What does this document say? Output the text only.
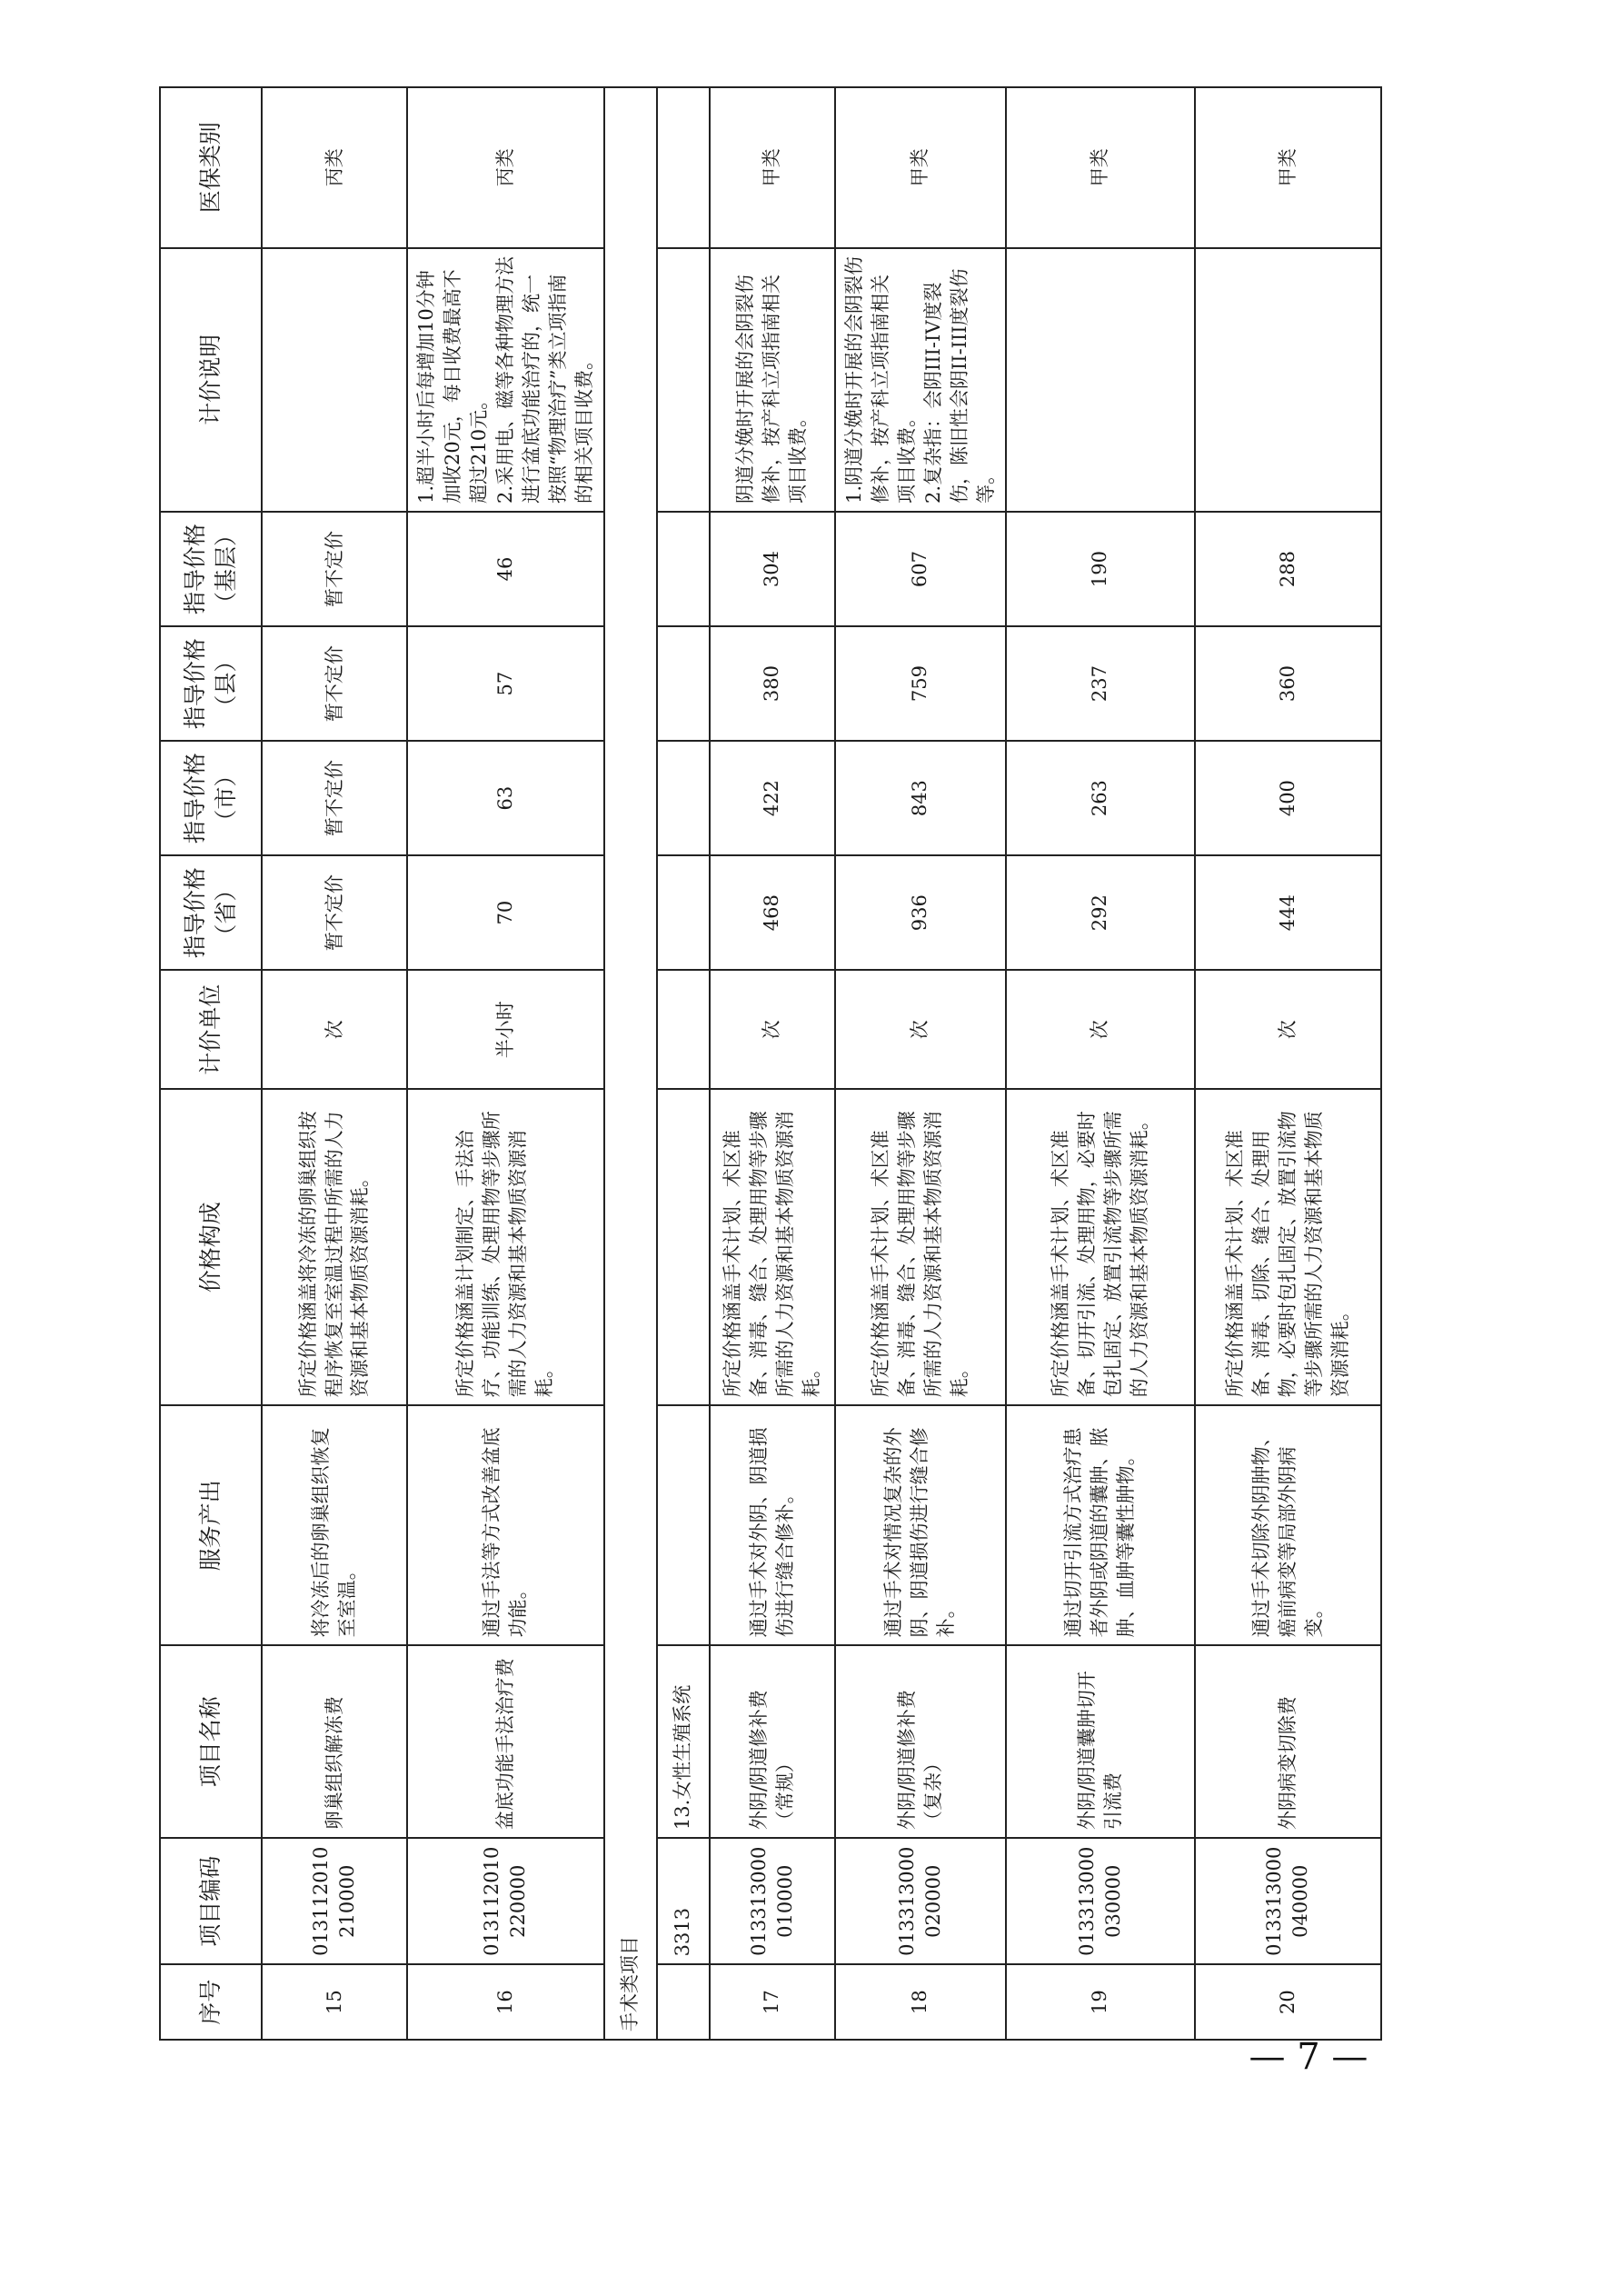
序号	项目编码	项目名称	服务产出	价格构成	计价单位	指导价格（省）	指导价格（市）	指导价格（县）	指导价格（基层）	计价说明	医保类别
15	013112010210000	卵巢组织解冻费	将冷冻后的卵巢组织恢复至室温。	所定价格涵盖将冷冻的卵巢组织按程序恢复至室温过程中所需的人力资源和基本物质资源消耗。	次	暂不定价	暂不定价	暂不定价	暂不定价		丙类
16	013112010220000	盆底功能手法治疗费	通过手法等方式改善盆底功能。	所定价格涵盖计划制定、手法治疗、功能训练、处理用物等步骤所需的人力资源和基本物质资源消耗。	半小时	70	63	57	46	1.超半小时后每增加10分钟加收20元，每日收费最高不超过210元。 2.采用电、磁等各种物理方法进行盆底功能治疗的，统一按照“物理治疗”类立项指南的相关项目收费。	丙类
手术类项目											
	3313	13.女性生殖系统									
17	013313000010000	外阴/阴道修补费（常规）	通过手术对外阴、阴道损伤进行缝合修补。	所定价格涵盖手术计划、术区准备、消毒、缝合、处理用物等步骤所需的人力资源和基本物质资源消耗。	次	468	422	380	304	阴道分娩时开展的会阴裂伤修补，按产科立项指南相关项目收费。	甲类
18	013313000020000	外阴/阴道修补费（复杂）	通过手术对情况复杂的外阴、阴道损伤进行缝合修补。	所定价格涵盖手术计划、术区准备、消毒、缝合、处理用物等步骤所需的人力资源和基本物质资源消耗。	次	936	843	759	607	1.阴道分娩时开展的会阴裂伤修补，按产科立项指南相关项目收费。 2.复杂指：会阴III-IV度裂伤，陈旧性会阴II-III度裂伤等。	甲类
19	013313000030000	外阴/阴道囊肿切开引流费	通过切开引流方式治疗患者外阴或阴道的囊肿、脓肿、血肿等囊性肿物。	所定价格涵盖手术计划、术区准备、切开引流、处理用物，必要时包扎固定、放置引流物等步骤所需的人力资源和基本物质资源消耗。	次	292	263	237	190		甲类
20	013313000040000	外阴病变切除费	通过手术切除外阴肿物、癌前病变等局部外阴病变。	所定价格涵盖手术计划、术区准备、消毒、切除、缝合、处理用物，必要时包扎固定、放置引流物等步骤所需的人力资源和基本物质资源消耗。	次	444	400	360	288		甲类
— 7 —
